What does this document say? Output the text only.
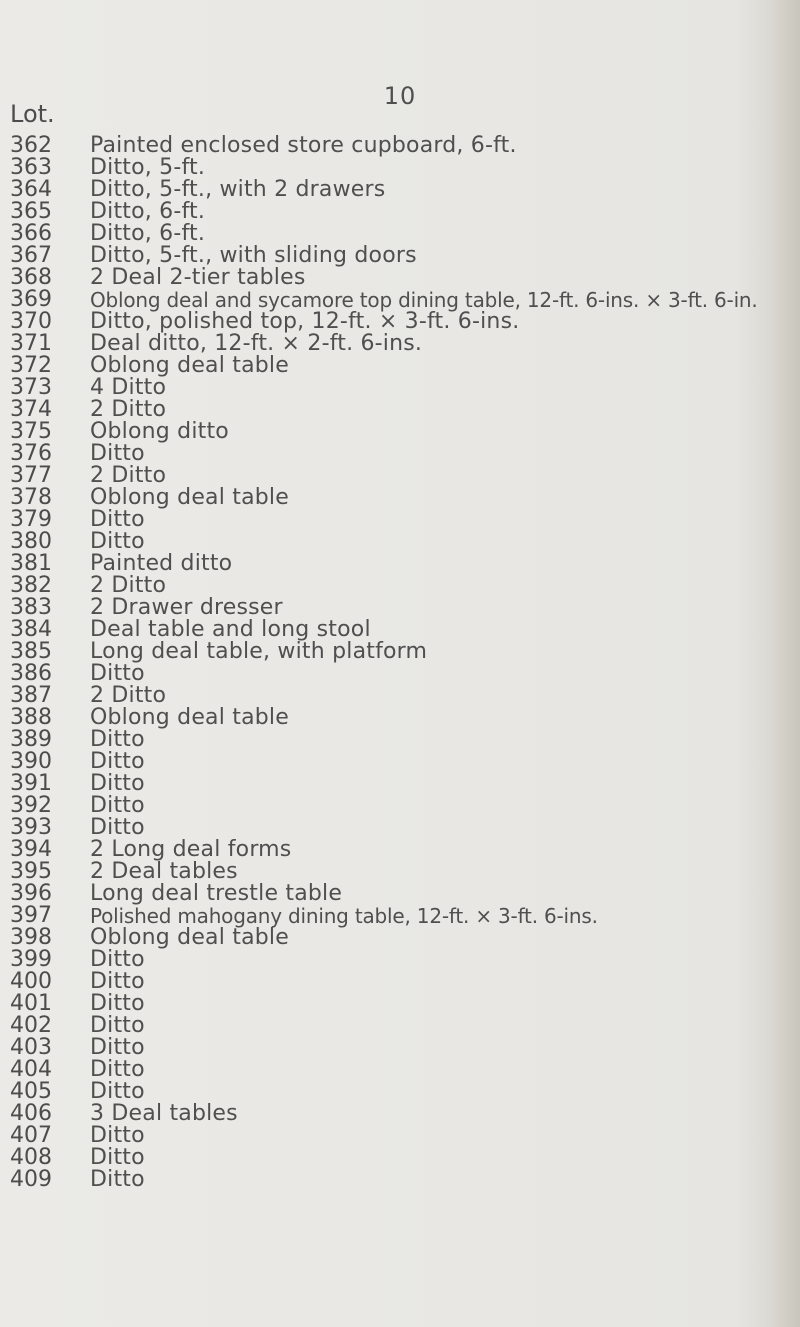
10
Lot.
362	Painted enclosed store cupboard, 6-ft.
363	Ditto, 5-ft.
364	Ditto, 5-ft., with 2 drawers
365	Ditto, 6-ft.
366	Ditto, 6-ft.
367	Ditto, 5-ft., with sliding doors
368	2 Deal 2-tier tables
369	Oblong deal and sycamore top dining table, 12-ft. 6-ins. × 3-ft. 6-in.
370	Ditto, polished top, 12-ft. × 3-ft. 6-ins.
371	Deal ditto, 12-ft. × 2-ft. 6-ins.
372	Oblong deal table
373	4 Ditto
374	2 Ditto
375	Oblong ditto
376	Ditto
377	2 Ditto
378	Oblong deal table
379	Ditto
380	Ditto
381	Painted ditto
382	2 Ditto
383	2 Drawer dresser
384	Deal table and long stool
385	Long deal table, with platform
386	Ditto
387	2 Ditto
388	Oblong deal table
389	Ditto
390	Ditto
391	Ditto
392	Ditto
393	Ditto
394	2 Long deal forms
395	2 Deal tables
396	Long deal trestle table
397	Polished mahogany dining table, 12-ft. × 3-ft. 6-ins.
398	Oblong deal table
399	Ditto
400	Ditto
401	Ditto
402	Ditto
403	Ditto
404	Ditto
405	Ditto
406	3 Deal tables
407	Ditto
408	Ditto
409	Ditto
